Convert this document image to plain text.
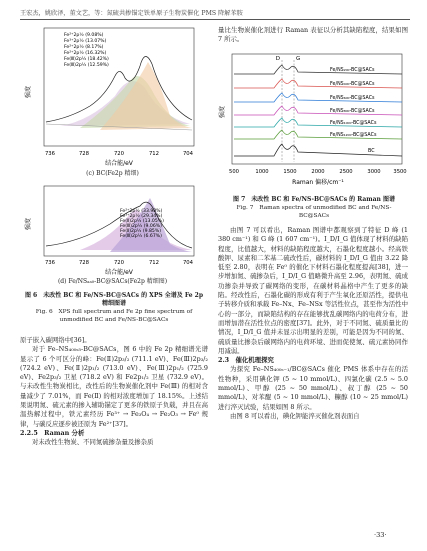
王宏杰，姚欣泽，董文艺，等：氮硫共掺锚定铁单原子生物炭催化 PMS 降解苯胺
强度
736	728	720	712	704
结合能/eV
Fe²⁺2p½ (9.08%)
Fe³⁺2p½ (13.07%)
Fe²⁺2p½ (8.17%)
Fe²⁺2p½ (16.32%)
Fe(Ⅲ)2p½ (18.42%)
Fe(Ⅲ)2p½ (12.59%)
(c) BC(Fe2p 精细)
强度
736	728	720	712	704
结合能/eV
Fe²⁺2p½ (33.98%)
Fe³⁺2p½ (29.34%)
Fe(Ⅱ)2p½ (13.05%)
Fe(Ⅲ)2p½ (9.06%)
Fe(Ⅱ)2p½ (9.85%)
Fe(Ⅲ)2p½ (6.67%)
(d) Fe/NSₐₐ₀-BC@SACs(Fe2p 精细图)
图 6　未改性 BC 和 Fe/NS-BC@SACs 的 XPS 全谱及 Fe 2p 精细图谱
Fig. 6　XPS full spectrum and Fe 2p fine spectrum of unmodified BC and Fe/NS-BC@SACs

原子嵌入碳网络中[36]。

对于 Fe–NS₄₀₀ₛ₅-BC@SACs，图 6 中的 Fe 2p 精细谱光谱显示了 6 个可区分的峰：Fe(Ⅱ)2p₃/₂ (711.1 eV)、Fe(Ⅲ)2p₃/₂ (724.2 eV)、Fe(Ⅱ)2p₁/₂ (713.0 eV)、Fe(Ⅲ)2p₁/₂ (725.9 eV)、Fe2p₃/₂ 卫星 (718.2 eV) 和 Fe2p₁/₂ 卫星 (732.9 eV)。与未改性生物炭相比，改性后的生物炭催化剂中 Fe(Ⅲ) 的相对含量减少了 7.01%，而 Fe(Ⅱ) 的相对浓度增加了 18.15%。上述结果说明氮、硫元素的掺入辅助锚定了更多的铁原子负载，并且在高温热解过程中，铁元素经历 Fe³⁺ → Fe₃O₄ → Fe₂O₃ → Fe⁰ 规律，与碳反应逐步被还原为 Fe²⁺[37]。

2.2.5　Raman 分析

对未改性生物炭、不同氮硫掺杂量及掺杂质

量比生物炭催化剂进行 Raman 表征以分析其缺陷程度，结果如图 7 所示。

强度
500	1000	1500	2000	2500	3000 3500
Raman 偏移/cm⁻¹
D	G
Fe/NS₂₀₀-BC@SACs
Fe/NS₄₀₀-BC@SACs
Fe/NS₆₀₀-BC@SACs
Fe/NS₈₀₀-BC@SACs
Fe/NS₁₀₀₀-BC@SACs
Fe/NS₁₂₀₀-BC@SACs
BC
图 7　未改性 BC 和 Fe/NS-BC@SACs 的 Raman 图谱
Fig. 7　Raman spectra of unmodified BC and Fe/NS-BC@SACs

由图 7 可以看出，Raman 图谱中都观察到了特征 D 峰 (1 380 cm⁻¹) 和 G 峰 (1 607 cm⁻¹)。I_D/I_G 值体现了材料的缺陷程度，比值越大，材料的缺陷程度越大，石墨化程度越小。经高铁酸钾、尿素和二苯基二硫改性后，碳材料的 I_D/I_G 值由 3.22 降低至 2.80，表明在 Fe⁰ 的催化下材料石墨化程度提高[38]，进一步增加氮、硫掺杂后，I_D/I_G 值略微升高至 2.96，表明氮、硫成功掺杂并导致了碳网络的变形，在碳材料晶格中产生了更多的缺陷。经改性后，石墨化碳的形成有利于产生氧化还原活性，提供电子转移介质和承载 Fe–Nx、Fe–NSx 等活性位点，甚至作为活性中心的一部分，而缺陷结构的存在能够扰乱碳网络内的电荷分布，进而增加潜在活性位点的密度[37]。此外，对于不同氮、硫质量比的情况，I_D/I_G 值并未显示出明显的差别，可能是因为不同的氮、硫质量比掺杂后碳网络内的电荷环境、进而促使氮、硫元素协同作用减弱。

2.3　催化机理探究

为探究 Fe–NS₄₀₀ₛ₋₁/BC@SACs 催化 PMS 体系中存在的活性物种，采用碘化钾 (5 ~ 10 mmol/L)、四氯化碳 (2.5 ~ 5.0 mmol/L)、甲醇 (25 ~ 50 mmol/L)、叔丁醇 (25 ~ 50 mmol/L)、对苯醌 (5 ~ 10 mmol/L)、糠醇 (10 ~ 25 mmol/L) 进行淬灭试验，结果如图 8 所示。

由图 8 可以看出，碘化钾能淬灭催化剂表面自

·33·
